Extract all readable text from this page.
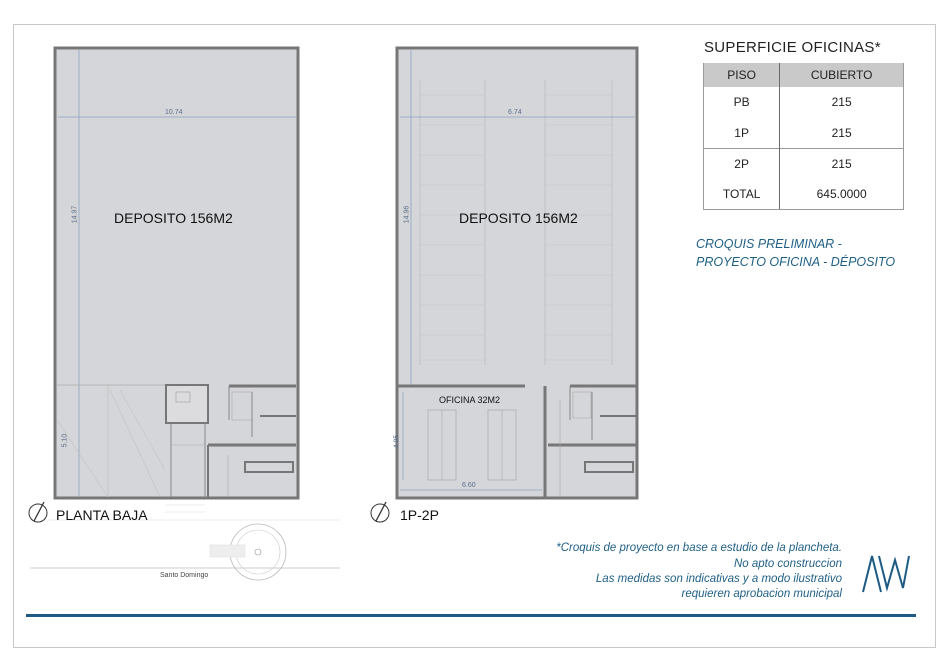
DEPOSITO 156M2
10.74
14.97
5.10
PLANTA BAJA
Santo Domingo
DEPOSITO 156M2
OFICINA 32M2
6.74
14.96
4.85
6.60
1P-2P
SUPERFICIE OFICINAS*
PISO	CUBIERTO
PB	215
1P	215
2P	215
TOTAL	645.0000
CROQUIS PRELIMINAR -
PROYECTO OFICINA - DÉPOSITO
*Croquis de proyecto en base a estudio de la plancheta.
No apto construccion
Las medidas son indicativas y a modo ilustrativo
requieren aprobacion municipal
